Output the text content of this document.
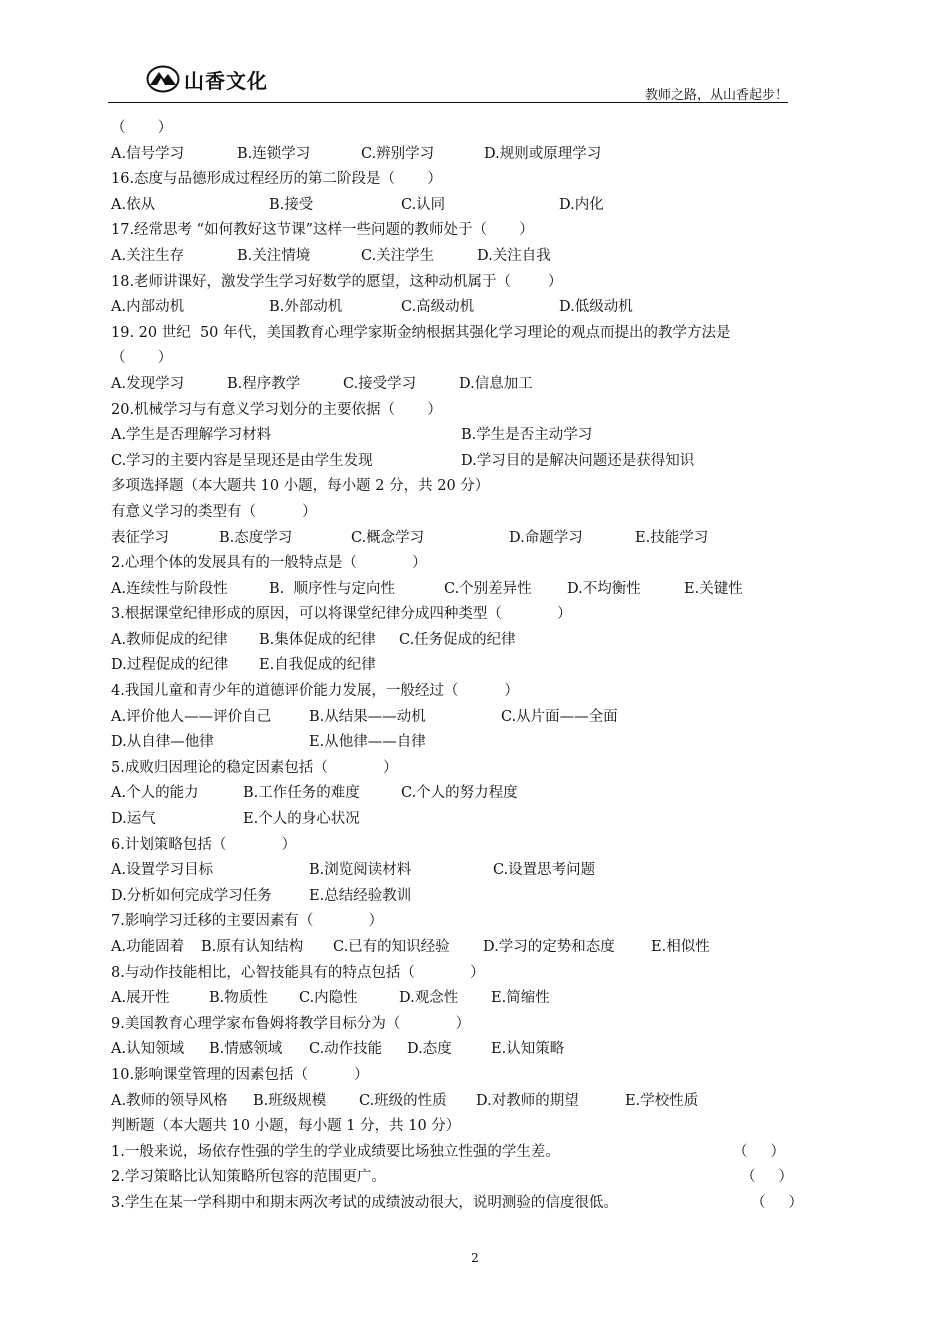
山香文化
教师之路，从山香起步！
（       ）
A.信号学习	B.连锁学习	C.辨别学习	D.规则或原理学习
16.态度与品德形成过程经历的第二阶段是（       ）
A.依从	B.接受	C.认同	D.内化
17.经常思考 “如何教好这节课”这样一些问题的教师处于（       ）
A.关注生存	B.关注情境	C.关注学生	D.关注自我
18.老师讲课好，激发学生学习好数学的愿望，这种动机属于（        ）
A.内部动机	B.外部动机	C.高级动机	D.低级动机
19. 20 世纪  50 年代，美国教育心理学家斯金纳根据其强化学习理论的观点而提出的教学方法是
（       ）
A.发现学习	B.程序教学	C.接受学习	D.信息加工
20.机械学习与有意义学习划分的主要依据（       ）
A.学生是否理解学习材料	B.学生是否主动学习
C.学习的主要内容是呈现还是由学生发现	D.学习目的是解决问题还是获得知识
多项选择题（本大题共 10 小题，每小题 2 分，共 20 分）
有意义学习的类型有（          ）
表征学习	B.态度学习	C.概念学习	D.命题学习	E.技能学习
2.心理个体的发展具有的一般特点是（            ）
A.连续性与阶段性	B.  顺序性与定向性	C.个别差异性 D.不均衡性	E.关键性
3.根据课堂纪律形成的原因，可以将课堂纪律分成四种类型（            ）
A.教师促成的纪律 B.集体促成的纪律 C.任务促成的纪律
D.过程促成的纪律 E.自我促成的纪律
4.我国儿童和青少年的道德评价能力发展，一般经过（          ）
A.评价他人——评价自己	B.从结果——动机	C.从片面——全面
D.从自律—他律	E.从他律——自律
5.成败归因理论的稳定因素包括（            ）
A.个人的能力	B.工作任务的难度	C.个人的努力程度
D.运气	E.个人的身心状况
6.计划策略包括（            ）
A.设置学习目标	B.浏览阅读材料	C.设置思考问题
D.分析如何完成学习任务	E.总结经验教训
7.影响学习迁移的主要因素有（            ）
A.功能固着 B.原有认知结构 C.已有的知识经验 D.学习的定势和态度	E.相似性
8.与动作技能相比，心智技能具有的特点包括（            ）
A.展开性	B.物质性 C.内隐性	D.观念性 E.简缩性
9.美国教育心理学家布鲁姆将教学目标分为（            ）
A.认知领域 B.情感领域 C.动作技能 D.态度	E.认知策略
10.影响课堂管理的因素包括（          ）
A.教师的领导风格 B.班级规模 C.班级的性质 D.对教师的期望	E.学校性质
判断题（本大题共 10 小题，每小题 1 分，共 10 分）
1.一般来说，场依存性强的学生的学业成绩要比场独立性强的学生差。	（     ）
2.学习策略比认知策略所包容的范围更广。	（     ）
3.学生在某一学科期中和期末两次考试的成绩波动很大，说明测验的信度很低。	（     ）
2
